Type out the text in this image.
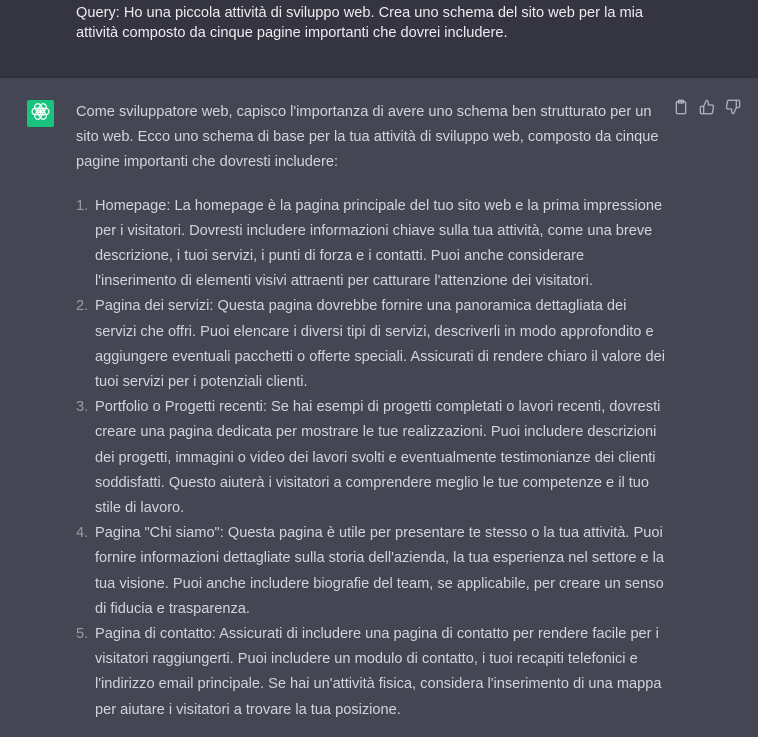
Query: Ho una piccola attività di sviluppo web. Crea uno schema del sito web per la mia attività composto da cinque pagine importanti che dovrei includere.

Come sviluppatore web, capisco l'importanza di avere uno schema ben strutturato per un sito web. Ecco uno schema di base per la tua attività di sviluppo web, composto da cinque pagine importanti che dovresti includere:

1. Homepage: La homepage è la pagina principale del tuo sito web e la prima impressione per i visitatori. Dovresti includere informazioni chiave sulla tua attività, come una breve descrizione, i tuoi servizi, i punti di forza e i contatti. Puoi anche considerare l'inserimento di elementi visivi attraenti per catturare l'attenzione dei visitatori.
2. Pagina dei servizi: Questa pagina dovrebbe fornire una panoramica dettagliata dei servizi che offri. Puoi elencare i diversi tipi di servizi, descriverli in modo approfondito e aggiungere eventuali pacchetti o offerte speciali. Assicurati di rendere chiaro il valore dei tuoi servizi per i potenziali clienti.
3. Portfolio o Progetti recenti: Se hai esempi di progetti completati o lavori recenti, dovresti creare una pagina dedicata per mostrare le tue realizzazioni. Puoi includere descrizioni dei progetti, immagini o video dei lavori svolti e eventualmente testimonianze dei clienti soddisfatti. Questo aiuterà i visitatori a comprendere meglio le tue competenze e il tuo stile di lavoro.
4. Pagina "Chi siamo": Questa pagina è utile per presentare te stesso o la tua attività. Puoi fornire informazioni dettagliate sulla storia dell'azienda, la tua esperienza nel settore e la tua visione. Puoi anche includere biografie del team, se applicabile, per creare un senso di fiducia e trasparenza.
5. Pagina di contatto: Assicurati di includere una pagina di contatto per rendere facile per i visitatori raggiungerti. Puoi includere un modulo di contatto, i tuoi recapiti telefonici e l'indirizzo email principale. Se hai un'attività fisica, considera l'inserimento di una mappa per aiutare i visitatori a trovare la tua posizione.
